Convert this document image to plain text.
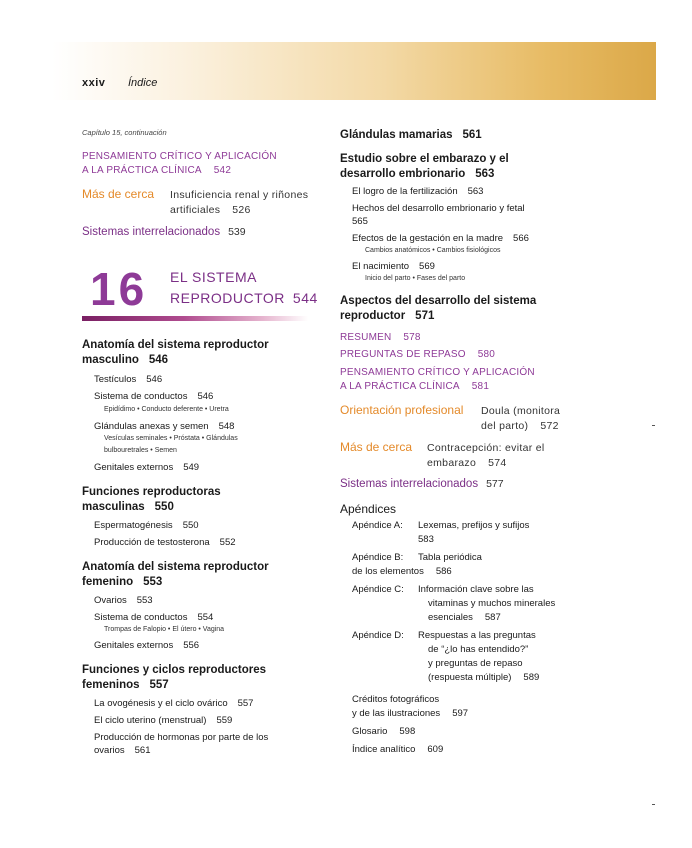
xxiv Índice
Capítulo 15, continuación
PENSAMIENTO CRÍTICO Y APLICACIÓN
A LA PRÁCTICA CLÍNICA 542
Más de cerca Insuficiencia renal y riñones
artificiales 526
Sistemas interrelacionados 539
16 EL SISTEMA
REPRODUCTOR 544
Anatomía del sistema reproductor
masculino 546
Testículos 546
Sistema de conductos 546
Epidídimo • Conducto deferente • Uretra
Glándulas anexas y semen 548
Vesículas seminales • Próstata • Glándulas
bulbouretrales • Semen
Genitales externos 549
Funciones reproductoras
masculinas 550
Espermatogénesis 550
Producción de testosterona 552
Anatomía del sistema reproductor
femenino 553
Ovarios 553
Sistema de conductos 554
Trompas de Falopio • El útero • Vagina
Genitales externos 556
Funciones y ciclos reproductores
femeninos 557
La ovogénesis y el ciclo ovárico 557
El ciclo uterino (menstrual) 559
Producción de hormonas por parte de los
ovarios 561
Glándulas mamarias 561
Estudio sobre el embarazo y el
desarrollo embrionario 563
El logro de la fertilización 563
Hechos del desarrollo embrionario y fetal
565
Efectos de la gestación en la madre 566
Cambios anatómicos • Cambios fisiológicos
El nacimiento 569
Inicio del parto • Fases del parto
Aspectos del desarrollo del sistema
reproductor 571
RESUMEN 578
PREGUNTAS DE REPASO 580
PENSAMIENTO CRÍTICO Y APLICACIÓN
A LA PRÁCTICA CLÍNICA 581
Orientación profesional Doula (monitora
del parto) 572
Más de cerca Contracepción: evitar el
embarazo 574
Sistemas interrelacionados 577
Apéndices
Apéndice A: Lexemas, prefijos y sufijos
583
Apéndice B: Tabla periódica
de los elementos 586
Apéndice C: Información clave sobre las
vitaminas y muchos minerales
esenciales 587
Apéndice D: Respuestas a las preguntas
de “¿lo has entendido?”
y preguntas de repaso
(respuesta múltiple) 589
Créditos fotográficos
y de las ilustraciones 597
Glosario 598
Índice analítico 609
